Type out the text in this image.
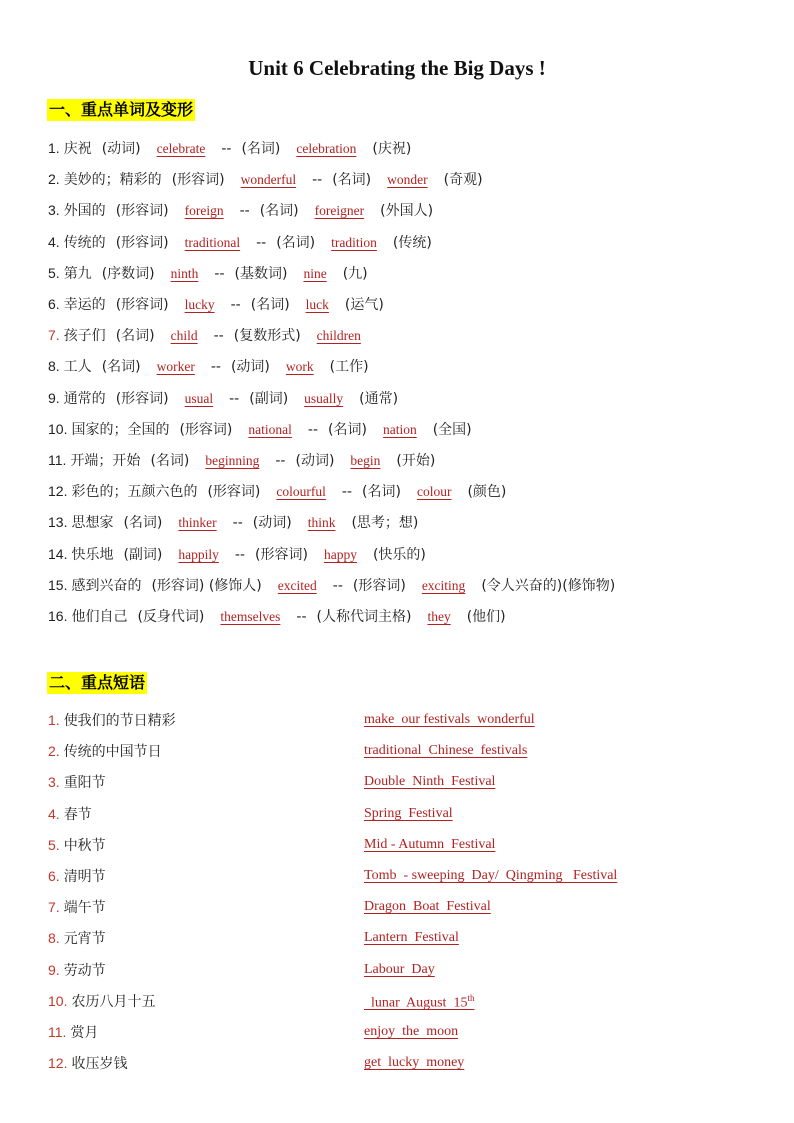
Unit 6 Celebrating the Big Days !
一、重点单词及变形
1. 庆祝 (动词) celebrate -- (名词) celebration (庆祝)
2. 美妙的；精彩的 (形容词) wonderful -- (名词) wonder (奇观)
3. 外国的 (形容词) foreign -- (名词) foreigner (外国人)
4. 传统的 (形容词) traditional -- (名词) tradition (传统)
5. 第九 (序数词) ninth -- (基数词) nine (九)
6. 幸运的 (形容词) lucky -- (名词) luck (运气)
7. 孩子们 (名词) child -- (复数形式) children
8. 工人 (名词) worker -- (动词) work (工作)
9. 通常的 (形容词) usual -- (副词) usually (通常)
10. 国家的；全国的 (形容词) national -- (名词) nation (全国)
11. 开端；开始 (名词) beginning -- (动词) begin (开始)
12. 彩色的；五颜六色的 (形容词) colourful -- (名词) colour (颜色)
13. 思想家 (名词) thinker -- (动词) think (思考；想)
14. 快乐地 (副词) happily -- (形容词) happy (快乐的)
15. 感到兴奋的 (形容词) (修饰人) excited -- (形容词) exciting (令人兴奋的)(修饰物)
16. 他们自己 (反身代词) themselves -- (人称代词主格) they (他们)
二、重点短语
1. 使我们的节日精彩	make  our festivals  wonderful
2. 传统的中国节日	traditional  Chinese  festivals
3. 重阳节	Double  Ninth  Festival
4. 春节	Spring  Festival
5. 中秋节	Mid - Autumn  Festival
6. 清明节	Tomb  - sweeping  Day/  Qingming   Festival
7. 端午节	Dragon  Boat  Festival
8. 元宵节	Lantern  Festival
9. 劳动节	Labour  Day
10. 农历八月十五	lunar  August  15th
11. 赏月	enjoy  the  moon
12. 收压岁钱	get  lucky  money
